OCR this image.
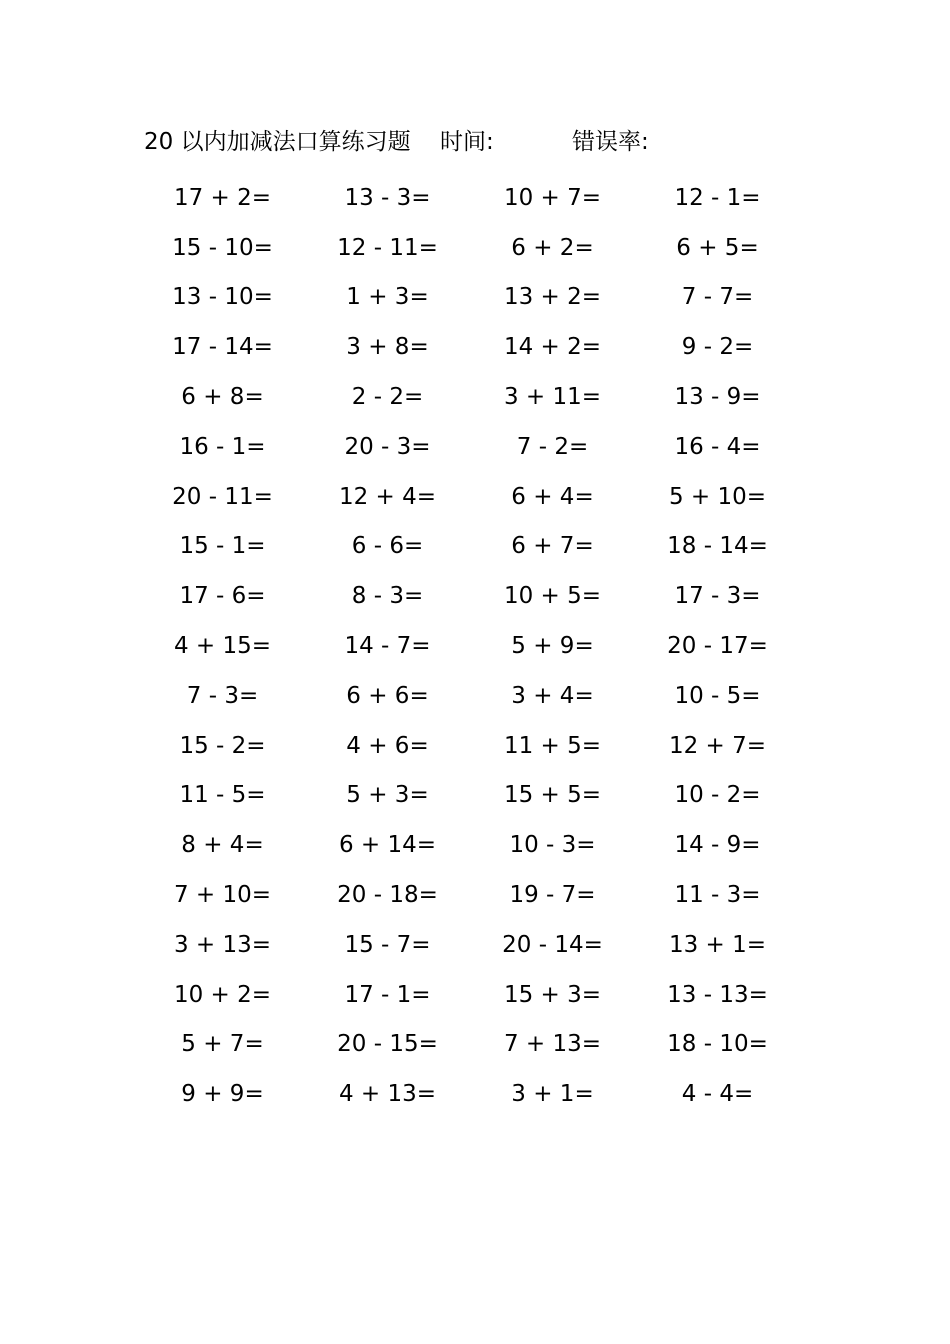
20 以内加减法口算练习题 时间:	错误率:
17 + 2=	13 - 3=	10 + 7=	12 - 1=
15 - 10=	12 - 11=	6 + 2=	6 + 5=
13 - 10=	1 + 3=	13 + 2=	7 - 7=
17 - 14=	3 + 8=	14 + 2=	9 - 2=
6 + 8=	2 - 2=	3 + 11=	13 - 9=
16 - 1=	20 - 3=	7 - 2=	16 - 4=
20 - 11=	12 + 4=	6 + 4=	5 + 10=
15 - 1=	6 - 6=	6 + 7=	18 - 14=
17 - 6=	8 - 3=	10 + 5=	17 - 3=
4 + 15=	14 - 7=	5 + 9=	20 - 17=
7 - 3=	6 + 6=	3 + 4=	10 - 5=
15 - 2=	4 + 6=	11 + 5=	12 + 7=
11 - 5=	5 + 3=	15 + 5=	10 - 2=
8 + 4=	6 + 14=	10 - 3=	14 - 9=
7 + 10=	20 - 18=	19 - 7=	11 - 3=
3 + 13=	15 - 7=	20 - 14=	13 + 1=
10 + 2=	17 - 1=	15 + 3=	13 - 13=
5 + 7=	20 - 15=	7 + 13=	18 - 10=
9 + 9=	4 + 13=	3 + 1=	4 - 4=
